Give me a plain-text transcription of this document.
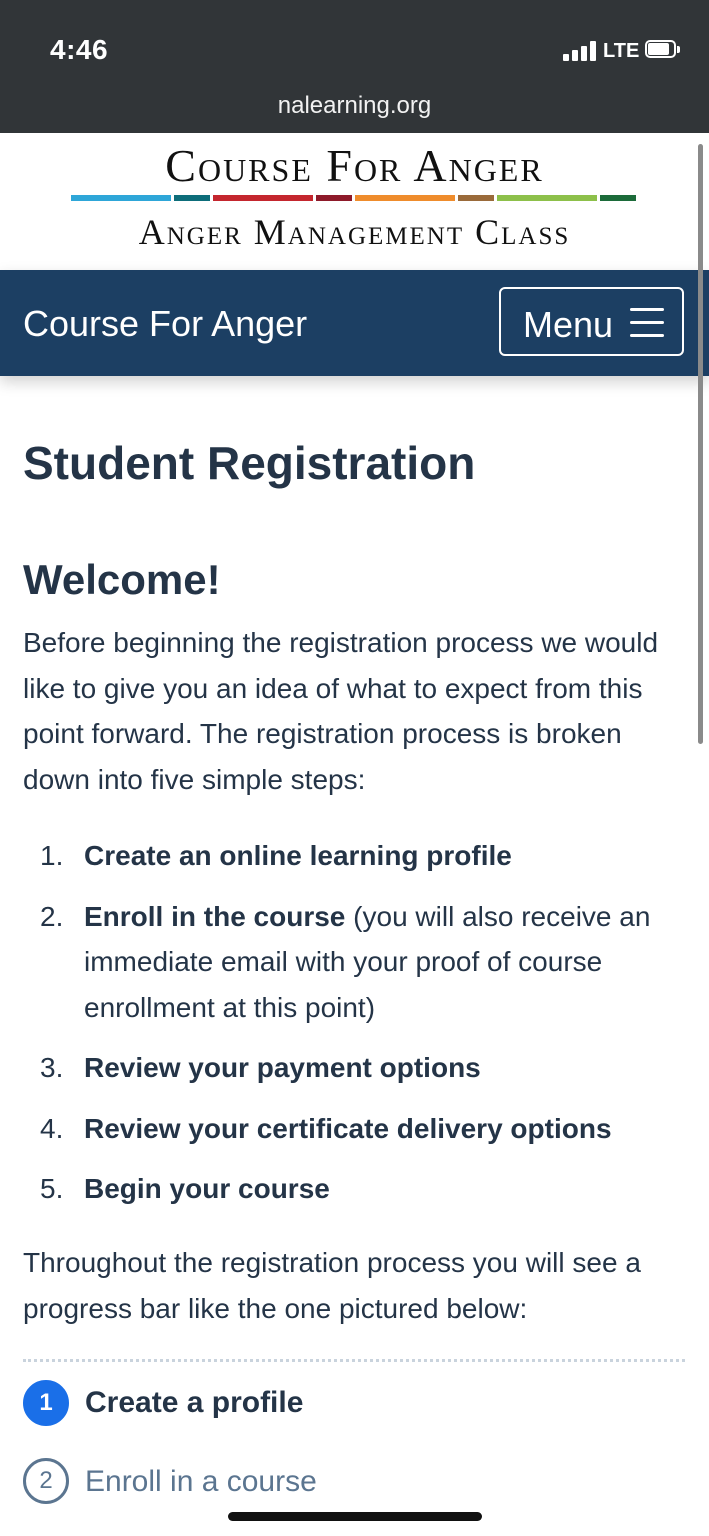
4:46	LTE
nalearning.org
Course For Anger
Anger Management Class
Course For Anger	Menu
Student Registration
Welcome!

Before beginning the registration process we would like to give you an idea of what to expect from this point forward. The registration process is broken down into five simple steps:

1. Create an online learning profile
2. Enroll in the course (you will also receive an immediate email with your proof of course enrollment at this point)
3. Review your payment options
4. Review your certificate delivery options
5. Begin your course

Throughout the registration process you will see a progress bar like the one pictured below:

1	Create a profile
2	Enroll in a course
